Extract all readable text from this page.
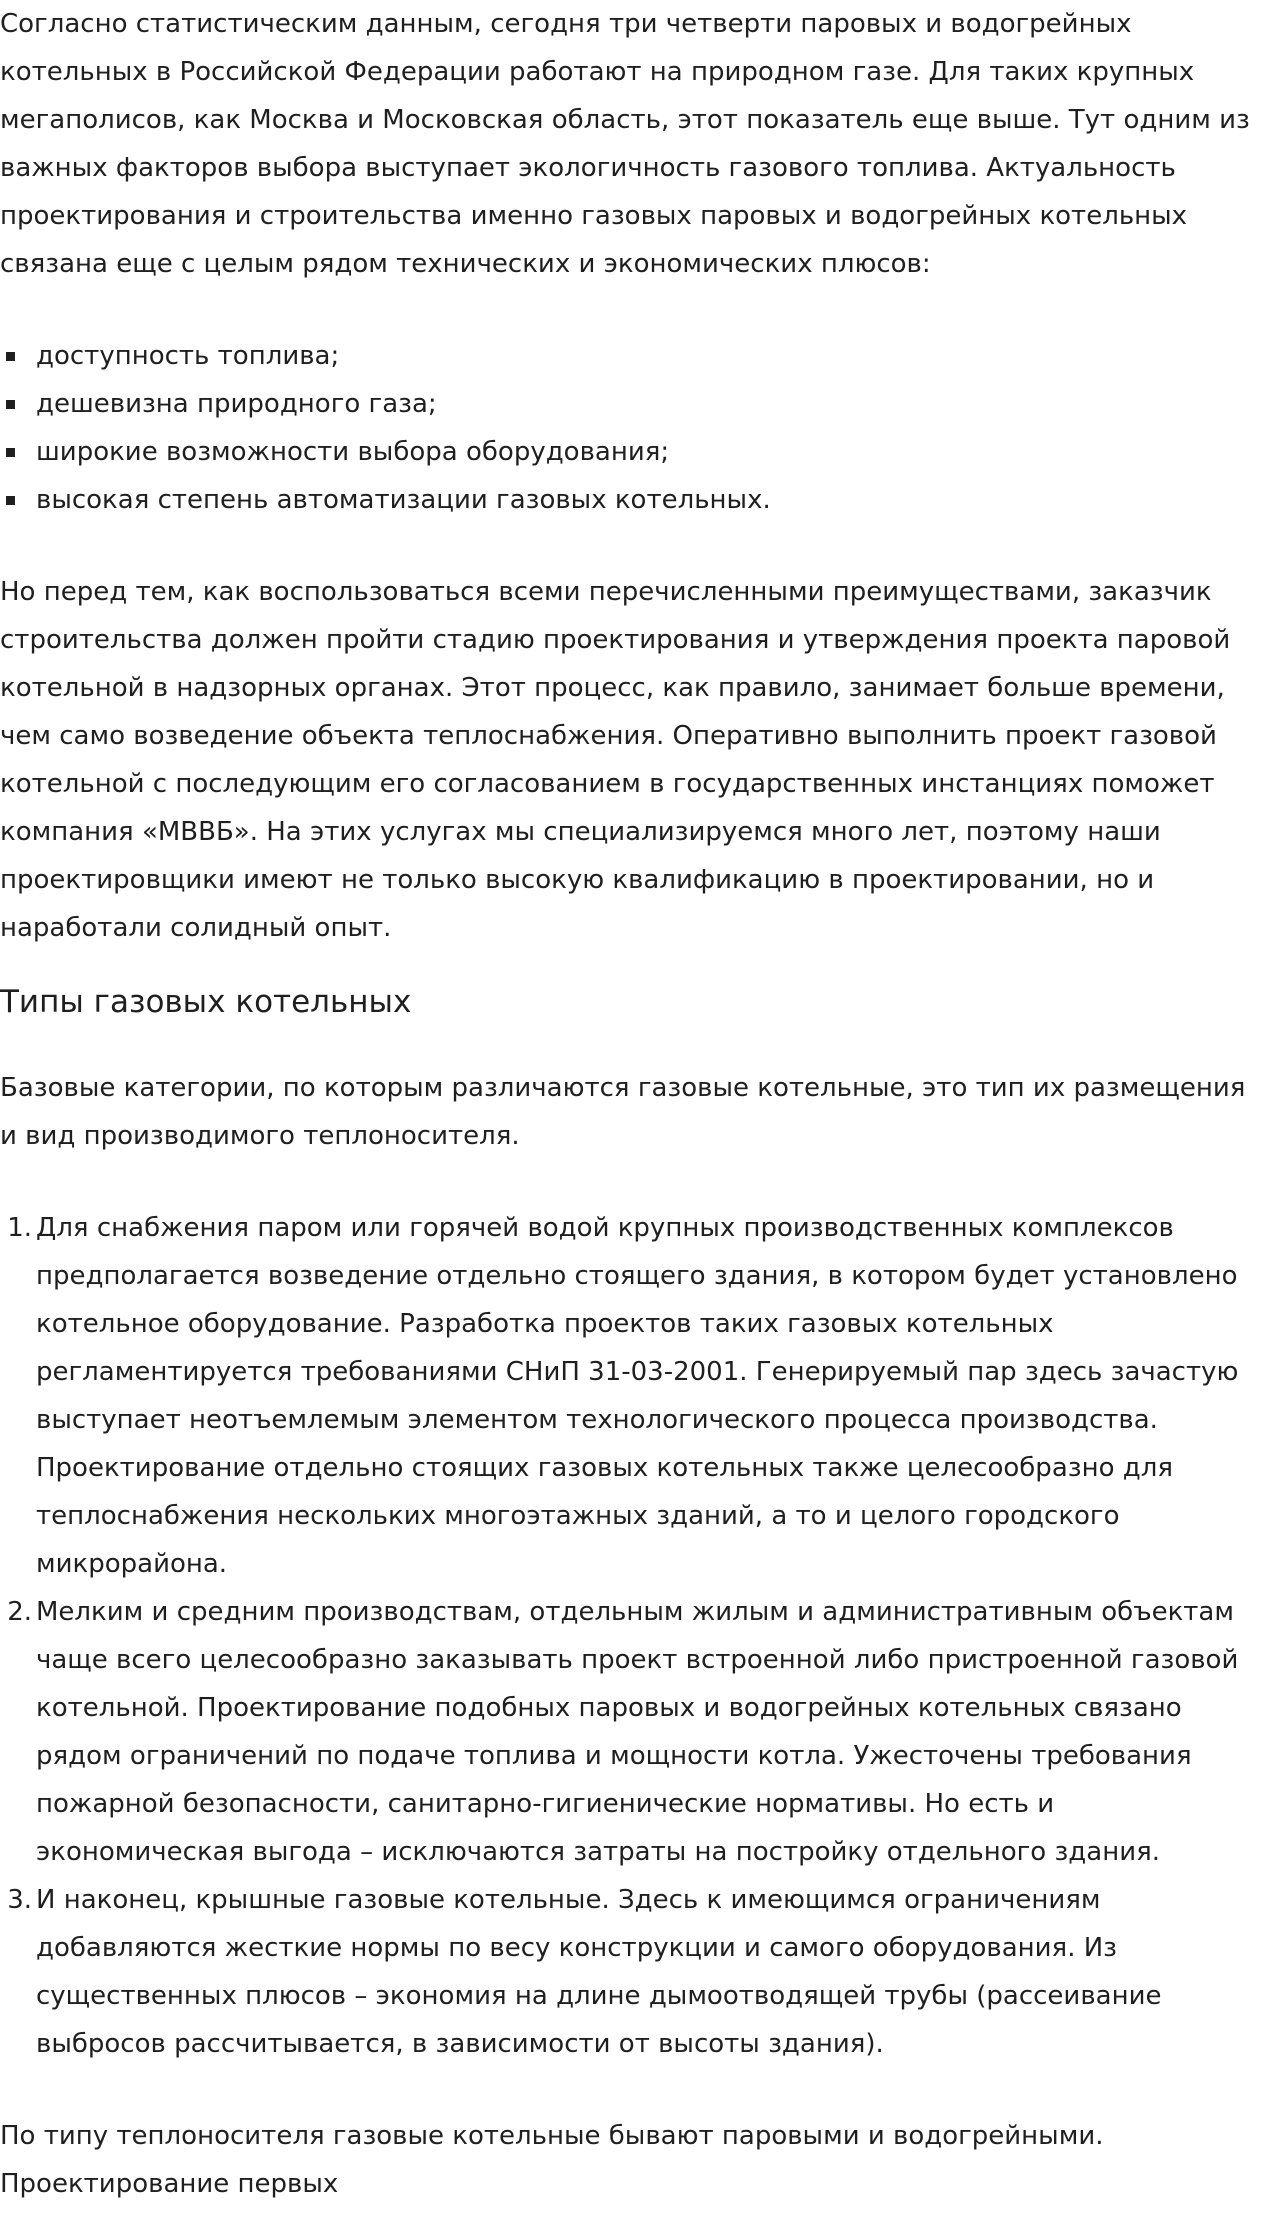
Согласно статистическим данным, сегодня три четверти паровых и водогрейных котельных в Российской Федерации работают на природном газе. Для таких крупных мегаполисов, как Москва и Московская область, этот показатель еще выше. Тут одним из важных факторов выбора выступает экологичность газового топлива. Актуальность проектирования и строительства именно газовых паровых и водогрейных котельных связана еще с целым рядом технических и экономических плюсов:

доступность топлива;
дешевизна природного газа;
широкие возможности выбора оборудования;
высокая степень автоматизации газовых котельных.

Но перед тем, как воспользоваться всеми перечисленными преимуществами, заказчик строительства должен пройти стадию проектирования и утверждения проекта паровой котельной в надзорных органах. Этот процесс, как правило, занимает больше времени, чем само возведение объекта теплоснабжения. Оперативно выполнить проект газовой котельной с последующим его согласованием в государственных инстанциях поможет компания «МВВБ». На этих услугах мы специализируемся много лет, поэтому наши проектировщики имеют не только высокую квалификацию в проектировании, но и наработали солидный опыт.

Типы газовых котельных

Базовые категории, по которым различаются газовые котельные, это тип их размещения и вид производимого теплоносителя.

1. Для снабжения паром или горячей водой крупных производственных комплексов предполагается возведение отдельно стоящего здания, в котором будет установлено котельное оборудование. Разработка проектов таких газовых котельных регламентируется требованиями СНиП 31-03-2001. Генерируемый пар здесь зачастую выступает неотъемлемым элементом технологического процесса производства. Проектирование отдельно стоящих газовых котельных также целесообразно для теплоснабжения нескольких многоэтажных зданий, а то и целого городского микрорайона.
2. Мелким и средним производствам, отдельным жилым и административным объектам чаще всего целесообразно заказывать проект встроенной либо пристроенной газовой котельной. Проектирование подобных паровых и водогрейных котельных связано рядом ограничений по подаче топлива и мощности котла. Ужесточены требования пожарной безопасности, санитарно-гигиенические нормативы. Но есть и экономическая выгода – исключаются затраты на постройку отдельного здания.
3. И наконец, крышные газовые котельные. Здесь к имеющимся ограничениям добавляются жесткие нормы по весу конструкции и самого оборудования. Из существенных плюсов – экономия на длине дымоотводящей трубы (рассеивание выбросов рассчитывается, в зависимости от высоты здания).

По типу теплоносителя газовые котельные бывают паровыми и водогрейными. Проектирование первых
